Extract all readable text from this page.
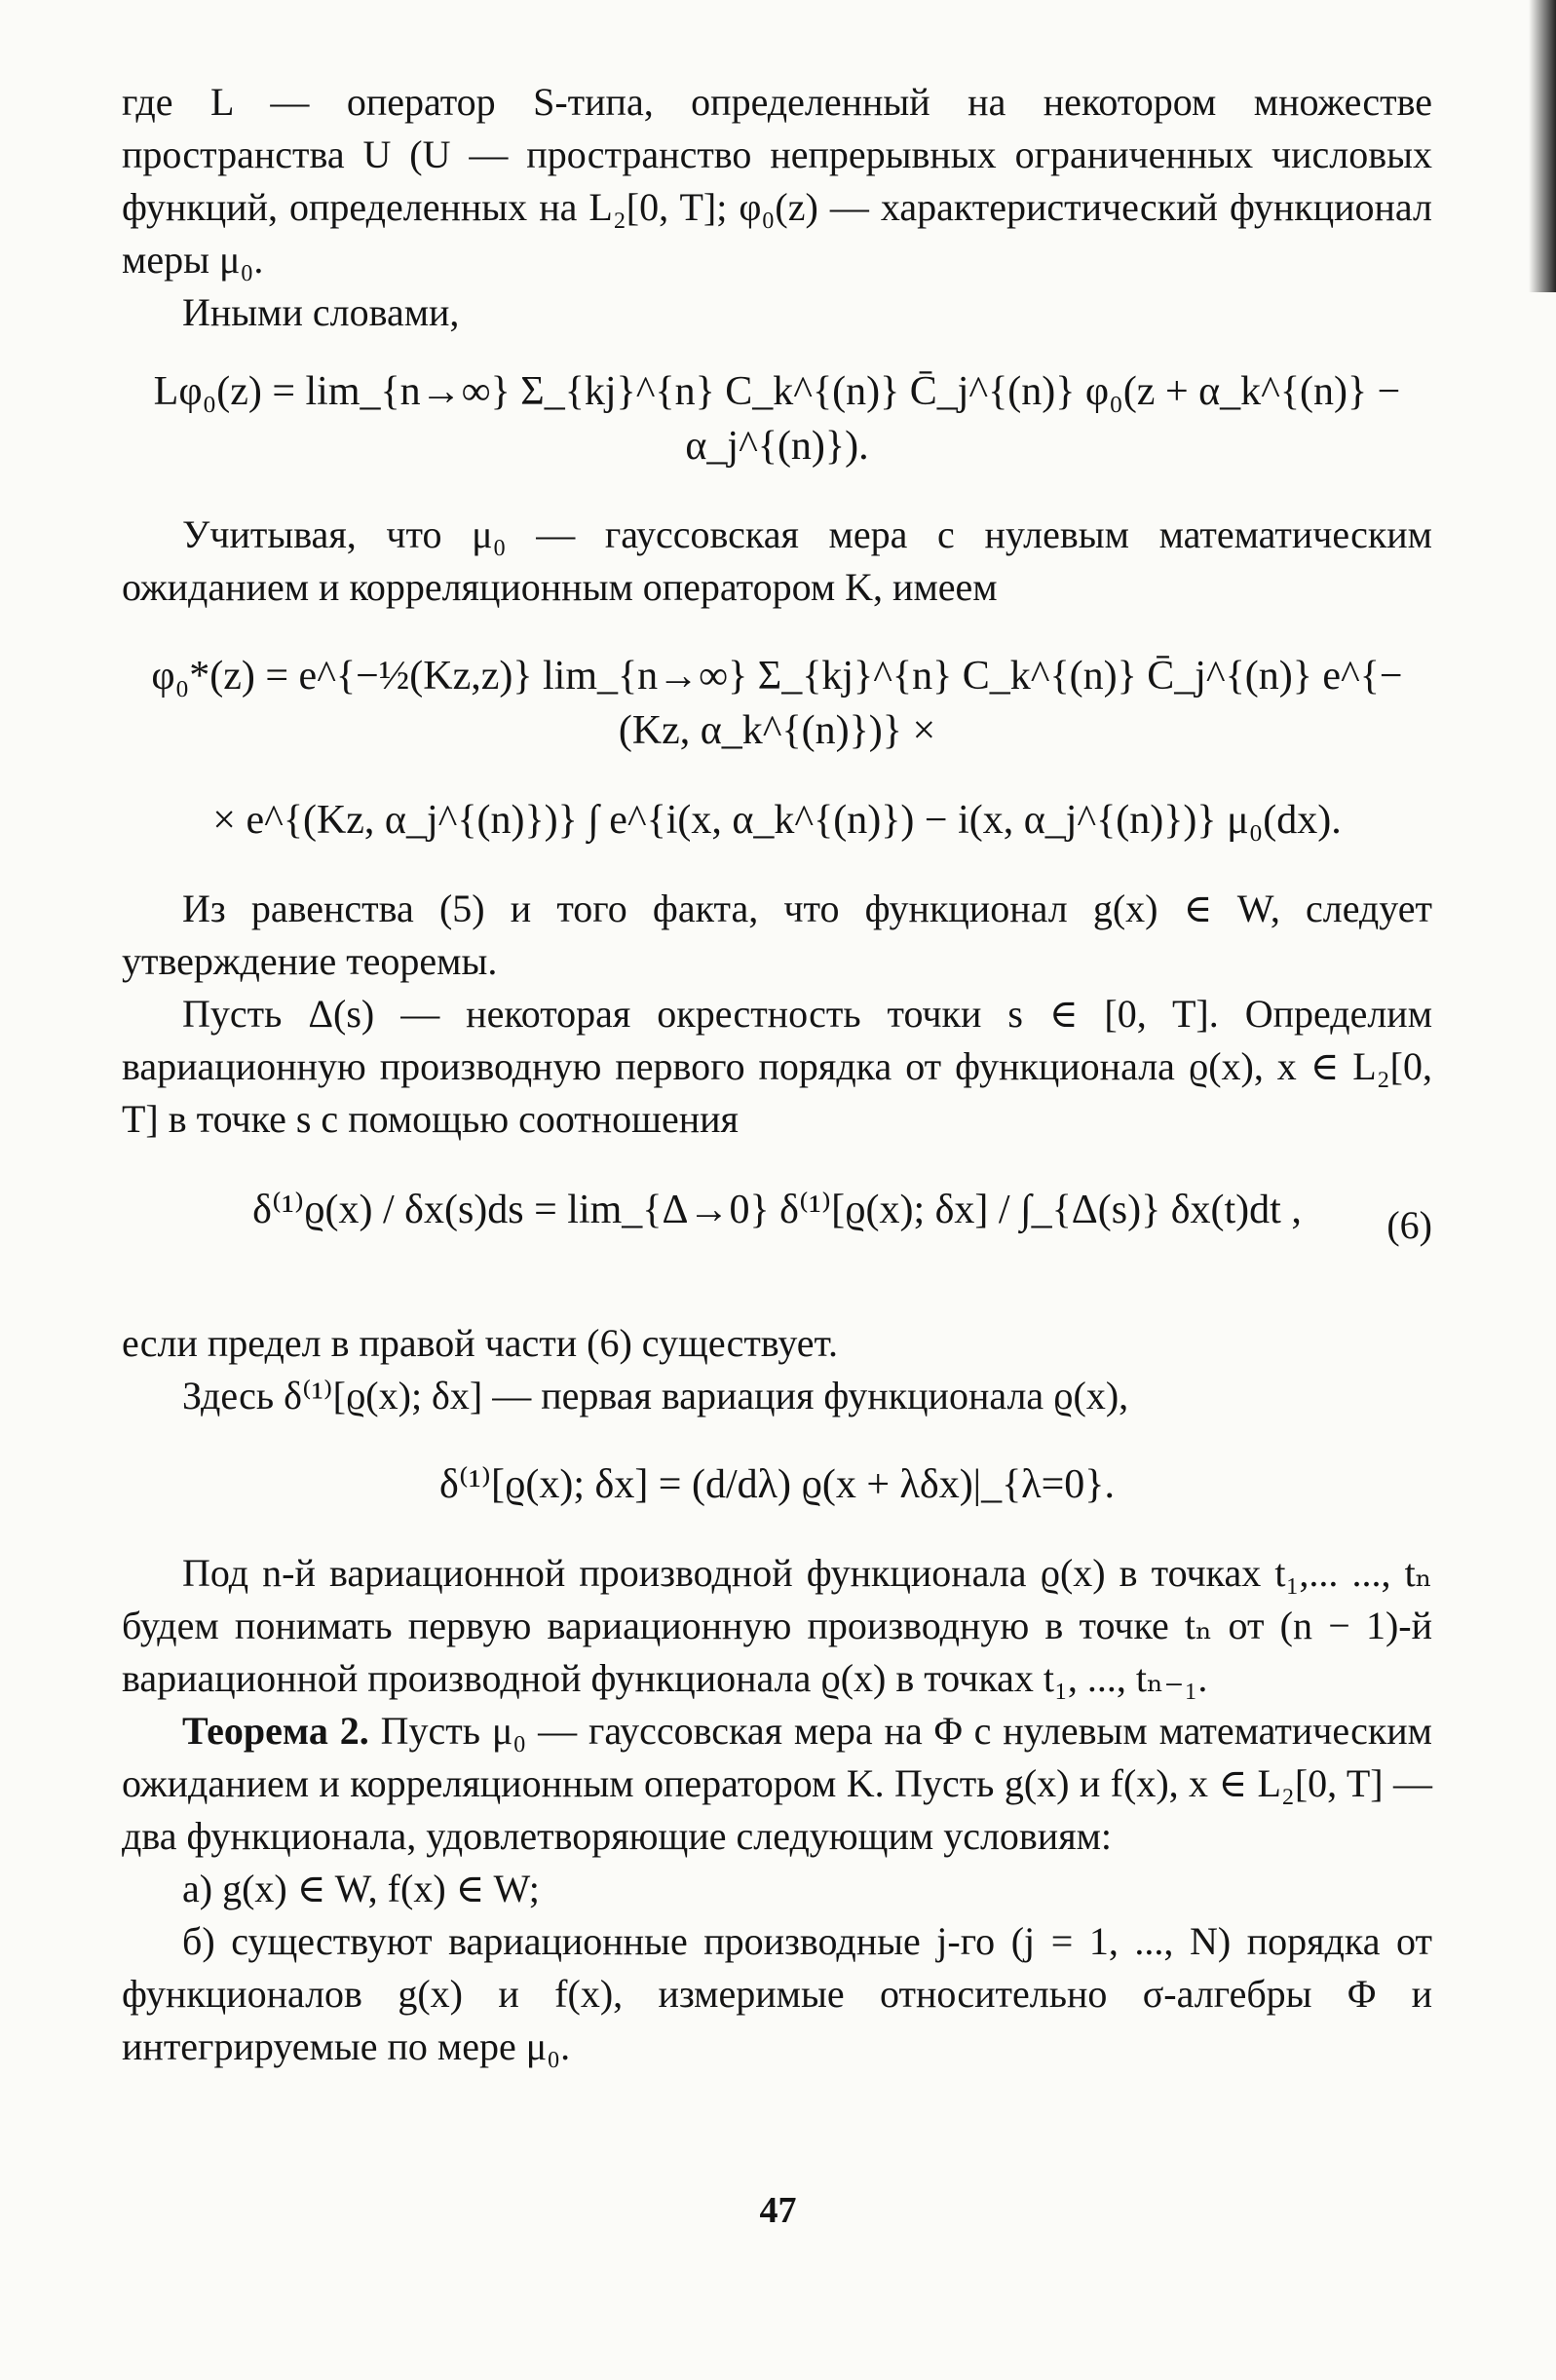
где L — оператор S-типа, определенный на некотором множестве пространства U (U — пространство непрерывных ограниченных числовых функций, определенных на L₂[0, T]; φ₀(z) — характеристический функционал меры μ₀.

Иными словами,

Lφ₀(z) = lim_{n→∞} Σ_{kj}^{n} C_k^{(n)} C̄_j^{(n)} φ₀(z + α_k^{(n)} − α_j^{(n)}).

Учитывая, что μ₀ — гауссовская мера с нулевым математическим ожиданием и корреляционным оператором K, имеем

φ₀*(z) = e^{−½(Kz,z)} lim_{n→∞} Σ_{kj}^{n} C_k^{(n)} C̄_j^{(n)} e^{−(Kz, α_k^{(n)})} ×

× e^{(Kz, α_j^{(n)})} ∫ e^{i(x, α_k^{(n)}) − i(x, α_j^{(n)})} μ₀(dx).

Из равенства (5) и того факта, что функционал g(x) ∈ W, следует утверждение теоремы.

Пусть Δ(s) — некоторая окрестность точки s ∈ [0, T]. Определим вариационную производную первого порядка от функционала ϱ(x), x ∈ L₂[0, T] в точке s с помощью соотношения

δ⁽¹⁾ϱ(x) / δx(s)ds = lim_{Δ→0} δ⁽¹⁾[ϱ(x); δx] / ∫_{Δ(s)} δx(t)dt ,	(6)

если предел в правой части (6) существует.

Здесь δ⁽¹⁾[ϱ(x); δx] — первая вариация функционала ϱ(x),

δ⁽¹⁾[ϱ(x); δx] = (d/dλ) ϱ(x + λδx)|_{λ=0}.

Под n-й вариационной производной функционала ϱ(x) в точках t₁,... ..., tₙ будем понимать первую вариационную производную в точке tₙ от (n − 1)-й вариационной производной функционала ϱ(x) в точках t₁, ..., tₙ₋₁.

Теорема 2. Пусть μ₀ — гауссовская мера на Φ с нулевым математическим ожиданием и корреляционным оператором K. Пусть g(x) и f(x), x ∈ L₂[0, T] — два функционала, удовлетворяющие следующим условиям:

а) g(x) ∈ W, f(x) ∈ W;

б) существуют вариационные производные j-го (j = 1, ..., N) порядка от функционалов g(x) и f(x), измеримые относительно σ-алгебры Φ и интегрируемые по мере μ₀.

47
